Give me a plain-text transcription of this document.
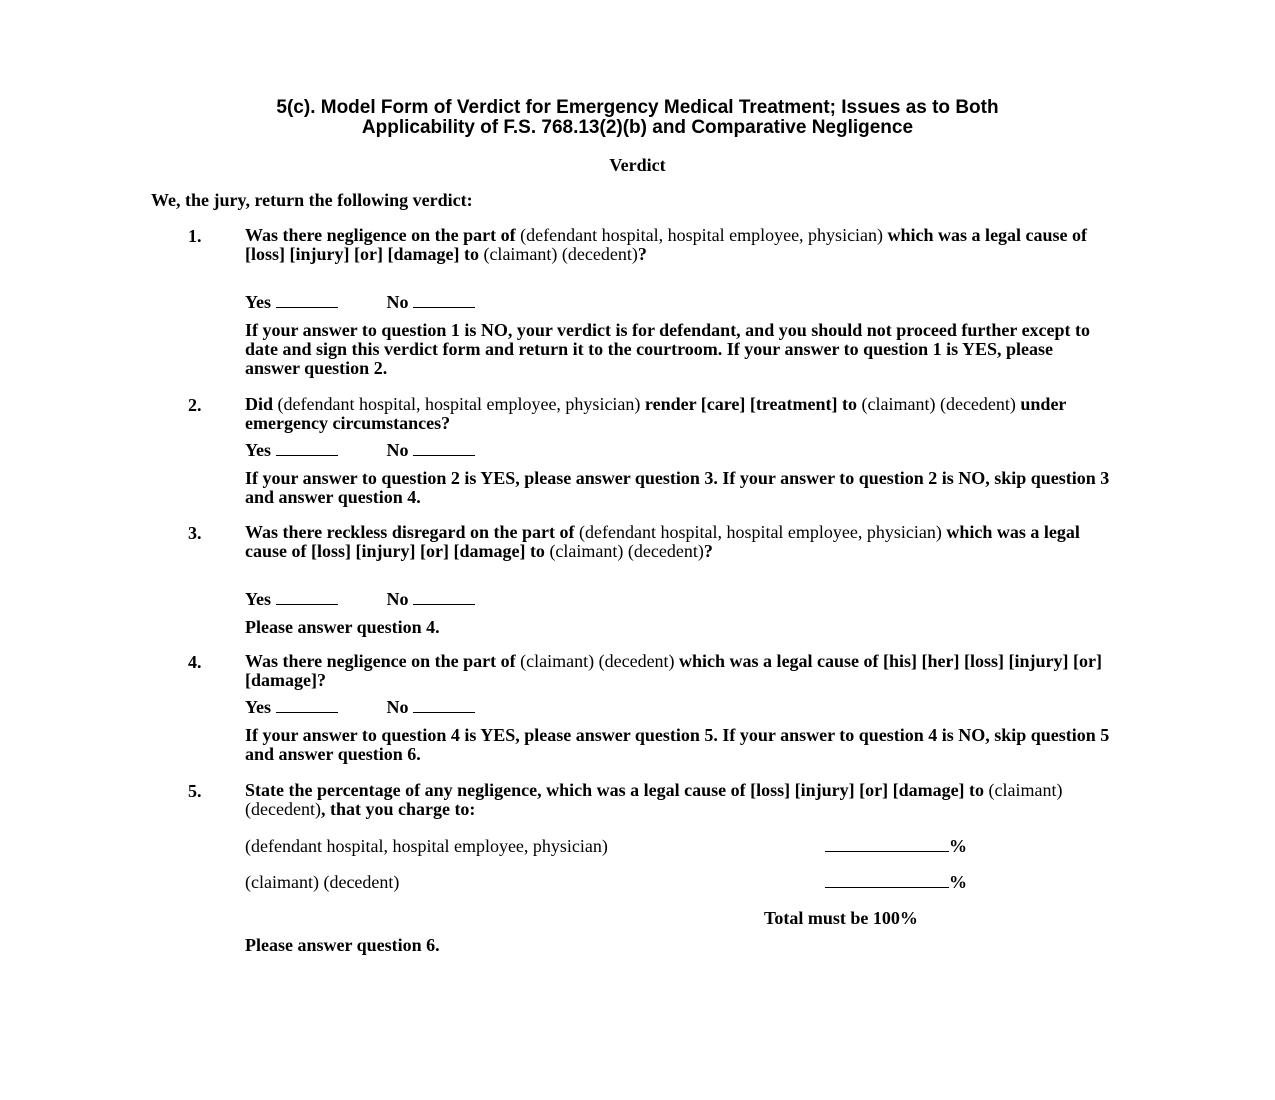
5(c). Model Form of Verdict for Emergency Medical Treatment; Issues as to Both
Applicability of F.S. 768.13(2)(b) and Comparative Negligence
Verdict
We, the jury, return the following verdict:
1. Was there negligence on the part of (defendant hospital, hospital employee, physician) which was a legal cause of [loss] [injury] [or] [damage] to (claimant) (decedent)?
Yes	No
If your answer to question 1 is NO, your verdict is for defendant, and you should not proceed further except to date and sign this verdict form and return it to the courtroom. If your answer to question 1 is YES, please answer question 2.
2. Did (defendant hospital, hospital employee, physician) render [care] [treatment] to (claimant) (decedent) under emergency circumstances?
Yes	No
If your answer to question 2 is YES, please answer question 3. If your answer to question 2 is NO, skip question 3 and answer question 4.
3. Was there reckless disregard on the part of (defendant hospital, hospital employee, physician) which was a legal cause of [loss] [injury] [or] [damage] to (claimant) (decedent)?
Yes	No
Please answer question 4.
4. Was there negligence on the part of (claimant) (decedent) which was a legal cause of [his] [her] [loss] [injury] [or] [damage]?
Yes	No
If your answer to question 4 is YES, please answer question 5. If your answer to question 4 is NO, skip question 5 and answer question 6.
5. State the percentage of any negligence, which was a legal cause of [loss] [injury] [or] [damage] to (claimant) (decedent), that you charge to:
(defendant hospital, hospital employee, physician)	%
(claimant) (decedent)	%
Total must be 100%
Please answer question 6.
